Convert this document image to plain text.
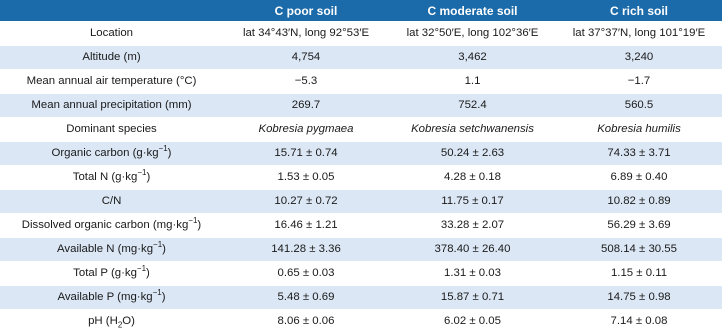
	C poor soil	C moderate soil	C rich soil
Location	lat 34°43′N, long 92°53′E	lat 32°50′E, long 102°36′E	lat 37°37′N, long 101°19′E
Altitude (m)	4,754	3,462	3,240
Mean annual air temperature (°C)	−5.3	1.1	−1.7
Mean annual precipitation (mm)	269.7	752.4	560.5
Dominant species	Kobresia pygmaea	Kobresia setchwanensis	Kobresia humilis
Organic carbon $(g\cdot kg^{-1})$	15.71 ± 0.74	50.24 ± 2.63	74.33 ± 3.71
Total N $(g\cdot kg^{-1})$	1.53 ± 0.05	4.28 ± 0.18	6.89 ± 0.40
C/N	10.27 ± 0.72	11.75 ± 0.17	10.82 ± 0.89
Dissolved organic carbon $(mg\cdot kg^{-1})$	16.46 ± 1.21	33.28 ± 2.07	56.29 ± 3.69
Available N $(mg\cdot kg^{-1})$	141.28 ± 3.36	378.40 ± 26.40	508.14 ± 30.55
Total P $(g\cdot kg^{-1})$	0.65 ± 0.03	1.31 ± 0.03	1.15 ± 0.11
Available P $(mg\cdot kg^{-1})$	5.48 ± 0.69	15.87 ± 0.71	14.75 ± 0.98
pH $(H_2O)$	8.06 ± 0.06	6.02 ± 0.05	7.14 ± 0.08
